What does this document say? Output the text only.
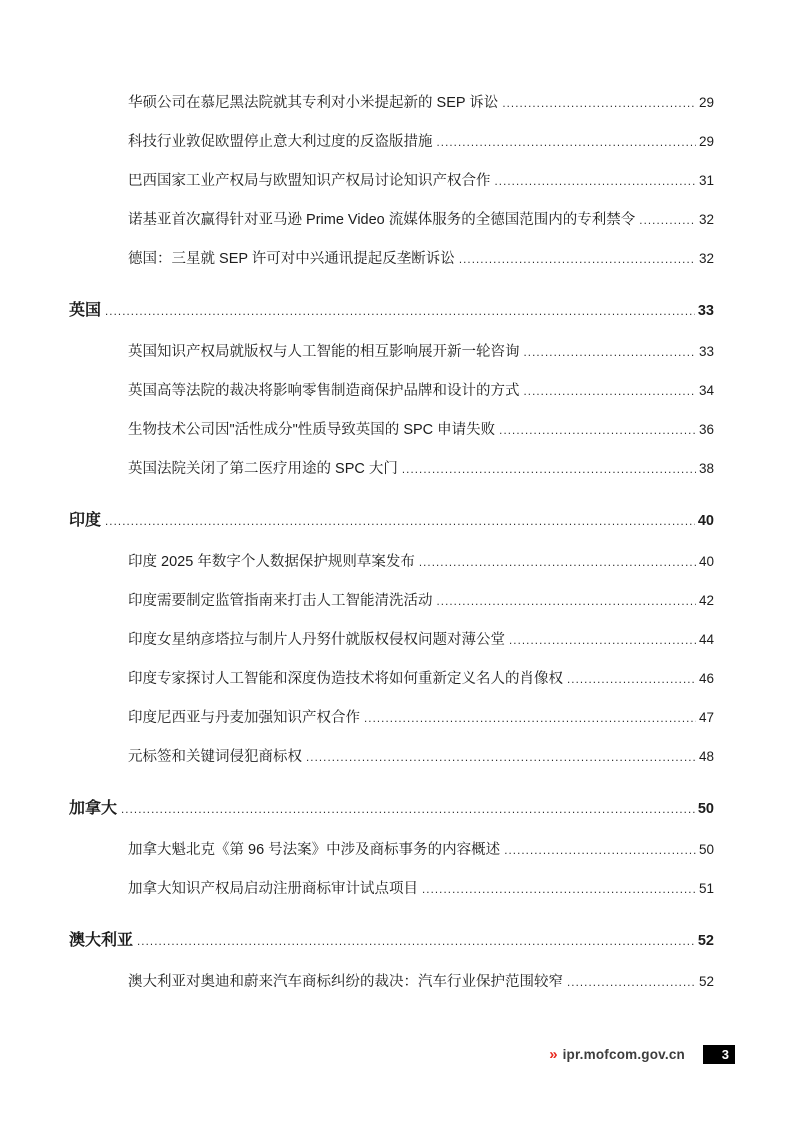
华硕公司在慕尼黑法院就其专利对小米提起新的 SEP 诉讼 .....	29
科技行业敦促欧盟停止意大利过度的反盗版措施 .....	29
巴西国家工业产权局与欧盟知识产权局讨论知识产权合作 .....	31
诺基亚首次赢得针对亚马逊 Prime Video 流媒体服务的全德国范围内的专利禁令 .....	32
德国：三星就 SEP 许可对中兴通讯提起反垄断诉讼 .....	32
英国 .....	33
英国知识产权局就版权与人工智能的相互影响展开新一轮咨询 .....	33
英国高等法院的裁决将影响零售制造商保护品牌和设计的方式 .....	34
生物技术公司因"活性成分"性质导致英国的 SPC 申请失败 .....	36
英国法院关闭了第二医疗用途的 SPC 大门 .....	38
印度 .....	40
印度 2025 年数字个人数据保护规则草案发布 .....	40
印度需要制定监管指南来打击人工智能清洗活动 .....	42
印度女星纳彦塔拉与制片人丹努什就版权侵权问题对薄公堂 .....	44
印度专家探讨人工智能和深度伪造技术将如何重新定义名人的肖像权 .....	46
印度尼西亚与丹麦加强知识产权合作 .....	47
元标签和关键词侵犯商标权 .....	48
加拿大 .....	50
加拿大魁北克《第 96 号法案》中涉及商标事务的内容概述 .....	50
加拿大知识产权局启动注册商标审计试点项目 .....	51
澳大利亚 .....	52
澳大利亚对奥迪和蔚来汽车商标纠纷的裁决：汽车行业保护范围较窄 .....	52
» ipr.mofcom.gov.cn	3
